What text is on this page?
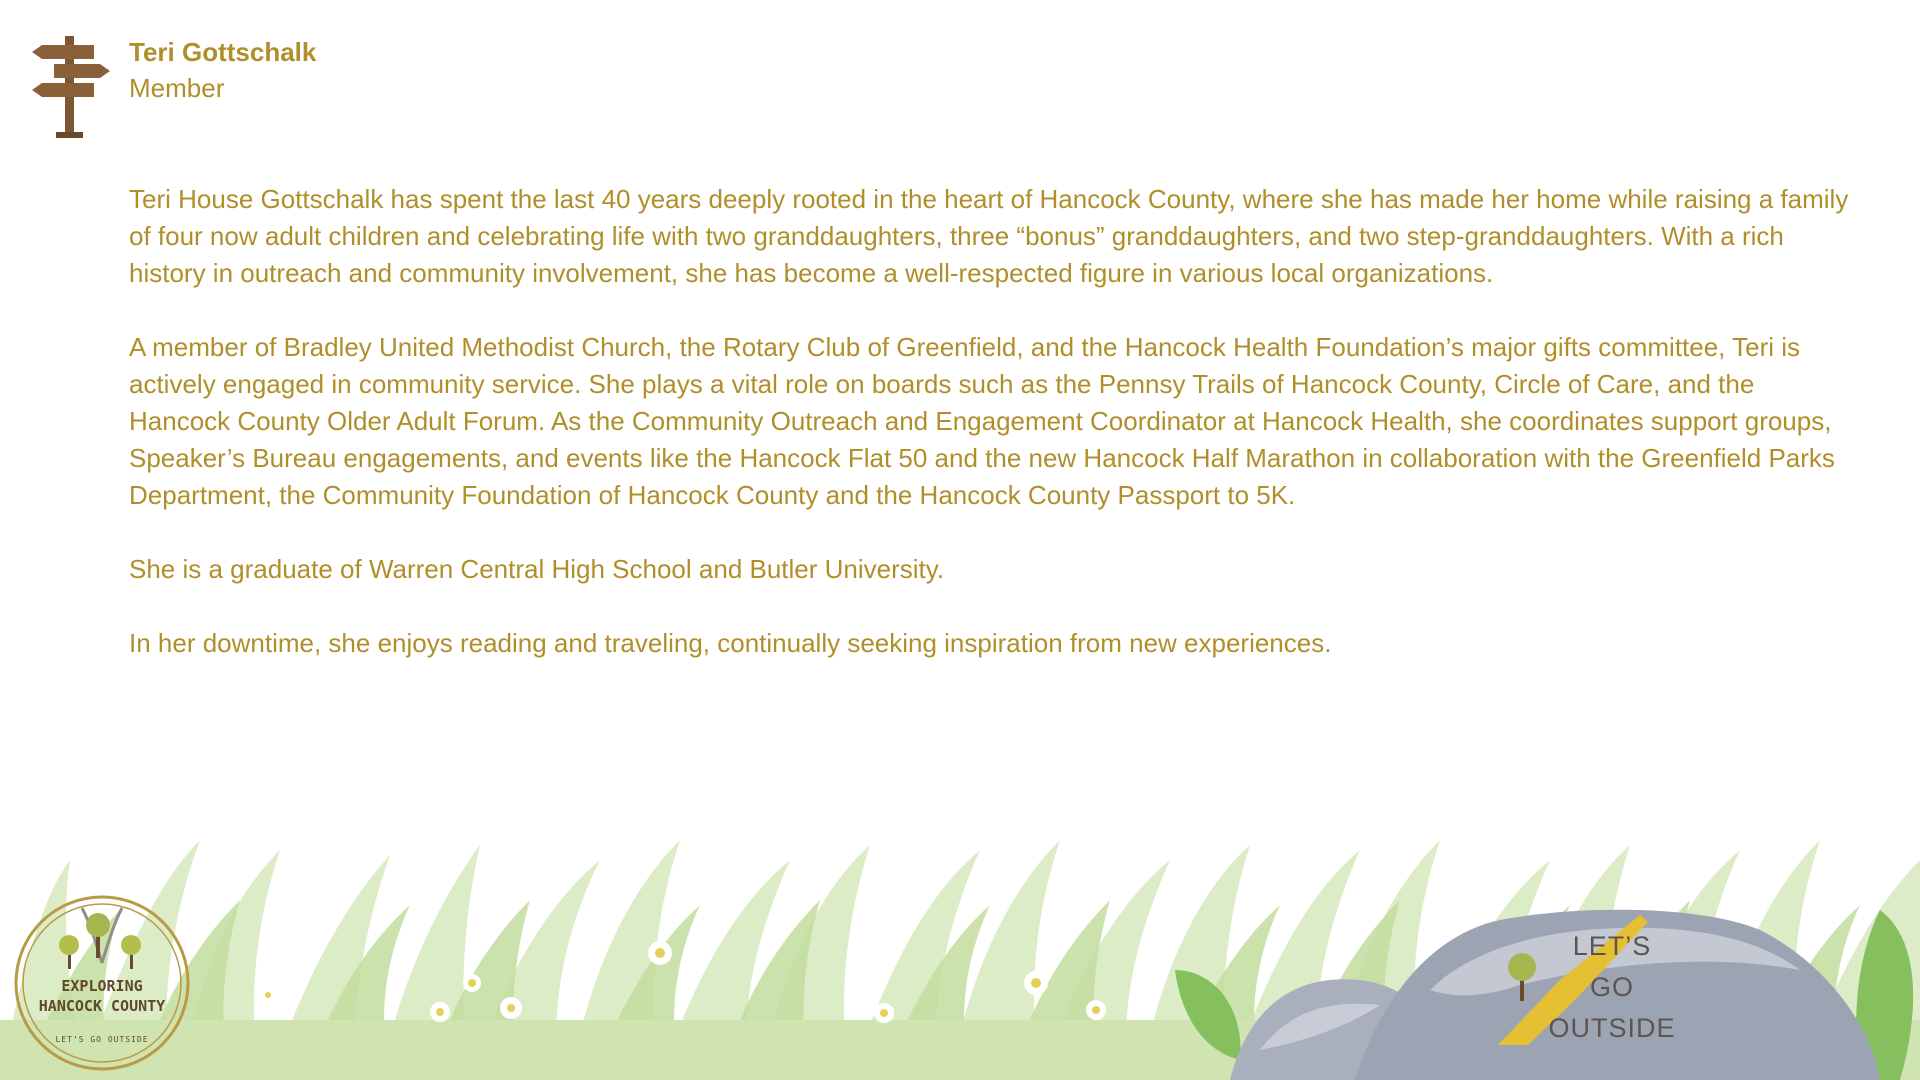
Teri Gottschalk
Member

Teri House Gottschalk has spent the last 40 years deeply rooted in the heart of Hancock County, where she has made her home while raising a family of four now adult children and celebrating life with two granddaughters, three “bonus” granddaughters, and two step-granddaughters. With a rich history in outreach and community involvement, she has become a well-respected figure in various local organizations.

A member of Bradley United Methodist Church, the Rotary Club of Greenfield, and the Hancock Health Foundation’s major gifts committee, Teri is actively engaged in community service. She plays a vital role on boards such as the Pennsy Trails of Hancock County, Circle of Care, and the Hancock County Older Adult Forum. As the Community Outreach and Engagement Coordinator at Hancock Health, she coordinates support groups, Speaker’s Bureau engagements, and events like the Hancock Flat 50 and the new Hancock Half Marathon in collaboration with the Greenfield Parks Department, the Community Foundation of Hancock County and the Hancock County Passport to 5K.

She is a graduate of Warren Central High School and Butler University.

In her downtime, she enjoys reading and traveling, continually seeking inspiration from new experiences.

EXPLORING
HANCOCK COUNTY
LET’S GO OUTSIDE
LET’S
GO
OUTSIDE
